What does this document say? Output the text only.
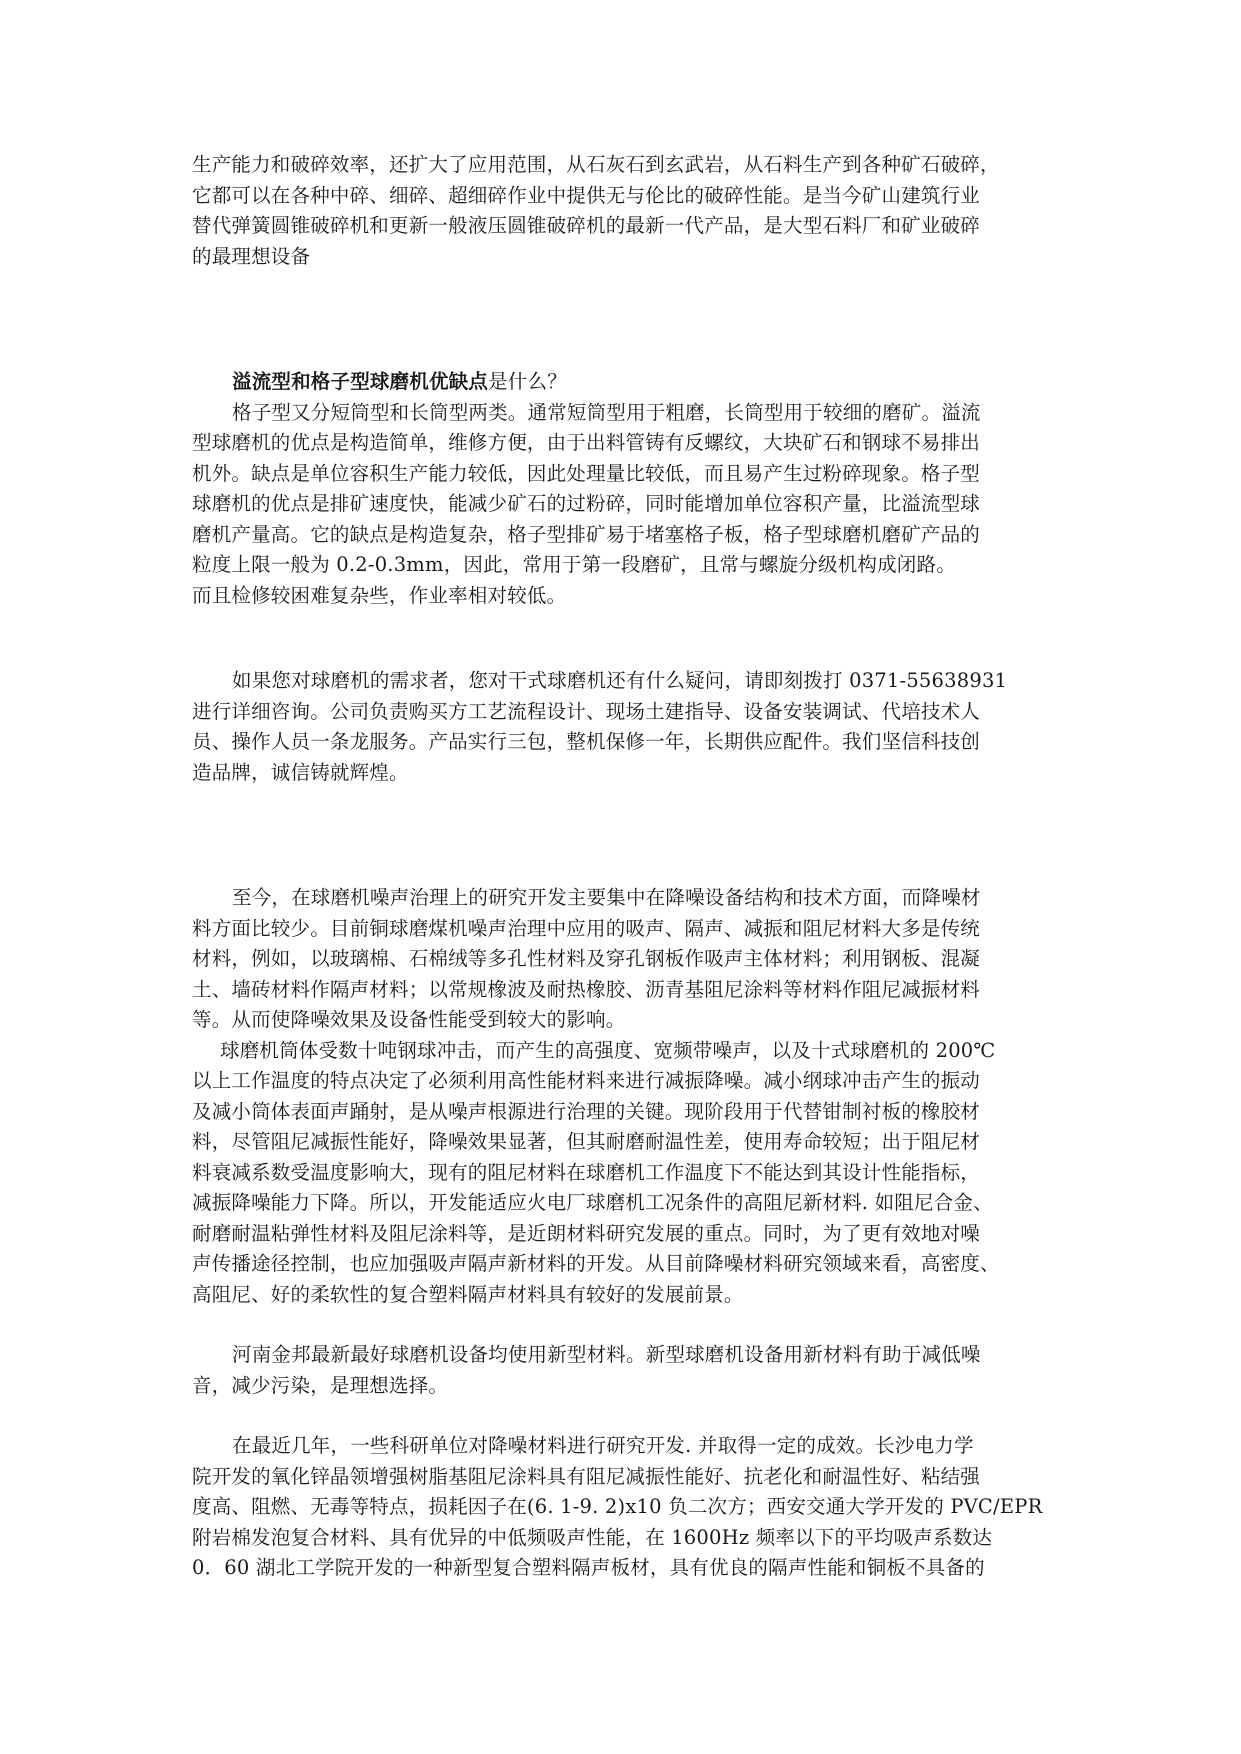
生产能力和破碎效率，还扩大了应用范围，从石灰石到玄武岩，从石料生产到各种矿石破碎，
它都可以在各种中碎、细碎、超细碎作业中提供无与伦比的破碎性能。是当今矿山建筑行业
替代弹簧圆锥破碎机和更新一般液压圆锥破碎机的最新一代产品，是大型石料厂和矿业破碎
的最理想设备
溢流型和格子型球磨机优缺点是什么？
格子型又分短筒型和长筒型两类。通常短筒型用于粗磨，长筒型用于较细的磨矿。溢流
型球磨机的优点是构造简单，维修方便，由于出料管铸有反螺纹，大块矿石和钢球不易排出
机外。缺点是单位容积生产能力较低，因此处理量比较低，而且易产生过粉碎现象。格子型
球磨机的优点是排矿速度快，能减少矿石的过粉碎，同时能增加单位容积产量，比溢流型球
磨机产量高。它的缺点是构造复杂，格子型排矿易于堵塞格子板，格子型球磨机磨矿产品的
粒度上限一般为 0.2-0.3mm，因此，常用于第一段磨矿，且常与螺旋分级机构成闭路。
而且检修较困难复杂些，作业率相对较低。
如果您对球磨机的需求者，您对干式球磨机还有什么疑问，请即刻拨打 0371-55638931
进行详细咨询。公司负责购买方工艺流程设计、现场土建指导、设备安装调试、代培技术人
员、操作人员一条龙服务。产品实行三包，整机保修一年，长期供应配件。我们坚信科技创
造品牌，诚信铸就辉煌。
至今，在球磨机噪声治理上的研究开发主要集中在降噪设备结构和技术方面，而降噪材
料方面比较少。目前铜球磨煤机噪声治理中应用的吸声、隔声、减振和阻尼材料大多是传统
材料，例如，以玻璃棉、石棉绒等多孔性材料及穿孔钢板作吸声主体材料；利用钢板、混凝
土、墙砖材料作隔声材料；以常规橡波及耐热橡胶、沥青基阻尼涂料等材料作阻尼减振材料
等。从而使降噪效果及设备性能受到较大的影响。
球磨机筒体受数十吨钢球冲击，而产生的高强度、宽频带噪声，以及十式球磨机的 200℃
以上工作温度的特点决定了必须利用高性能材料来进行减振降噪。减小纲球冲击产生的振动
及减小筒体表面声踊射，是从噪声根源进行治理的关键。现阶段用于代替钳制衬板的橡胶材
料，尽管阻尼减振性能好，降噪效果显著，但其耐磨耐温性差，使用寿命较短；出于阻尼材
料衰减系数受温度影响大，现有的阻尼材料在球磨机工作温度下不能达到其设计性能指标，
减振降噪能力下降。所以，开发能适应火电厂球磨机工况条件的高阻尼新材料. 如阻尼合金、
耐磨耐温粘弹性材料及阻尼涂料等，是近朗材料研究发展的重点。同时，为了更有效地对噪
声传播途径控制，也应加强吸声隔声新材料的开发。从目前降噪材料研究领域来看，高密度、
高阻尼、好的柔软性的复合塑料隔声材料具有较好的发展前景。
河南金邦最新最好球磨机设备均使用新型材料。新型球磨机设备用新材料有助于减低噪
音，减少污染，是理想选择。
在最近几年，一些科研单位对降噪材料进行研究开发. 并取得一定的成效。长沙电力学
院开发的氧化锌晶领增强树脂基阻尼涂料具有阻尼减振性能好、抗老化和耐温性好、粘结强
度高、阻燃、无毒等特点，损耗因子在(6. 1-9. 2)x10 负二次方；西安交通大学开发的 PVC/EPR
附岩棉发泡复合材料、具有优异的中低频吸声性能，在 1600Hz 频率以下的平均吸声系数达
0．60 湖北工学院开发的一种新型复合塑料隔声板材，具有优良的隔声性能和铜板不具备的
